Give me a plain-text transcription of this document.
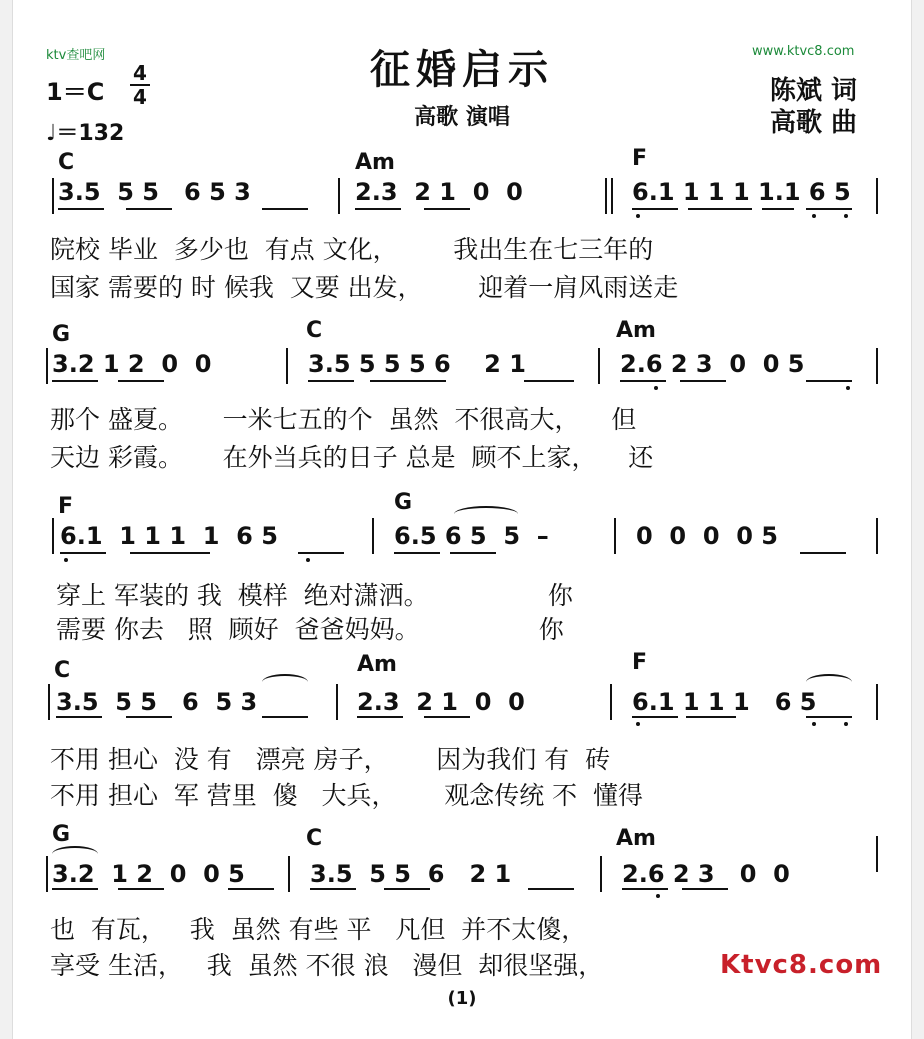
ktv查吧网	www.ktvc8.com
征婚启示
高歌 演唱
陈斌 词
高歌 曲
1＝C
4
4
♩＝132
C	Am	F
3.5  5 5   6 5 3	2.3  2 1  0  0	6.1 1 1 1 1.1 6 5
院校 毕业  多少也  有点 文化，       我出生在七三年的
国家 需要的 时 候我  又要 出发，       迎着一肩风雨送走
G	C	Am
3.2 1 2  0  0	3.5 5 5 5 6    2 1	2.6 2 3  0  0 5
那个 盛夏。     一米七五的个  虽然  不很高大，    但
天边 彩霞。     在外当兵的日子 总是  顾不上家，    还
F	G
6.1  1 1 1  1  6 5	6.5 6 5  5  –	0  0  0  0 5
穿上 军装的 我  模样  绝对潇洒。               你
需要 你去   照  顾好  爸爸妈妈。               你
C	Am	F
3.5  5 5   6  5 3	2.3  2 1  0  0	6.1 1 1 1   6 5
不用 担心  没 有   漂亮 房子，      因为我们 有  砖
不用 担心  军 营里  傻   大兵，      观念传统 不  懂得
G	C	Am
3.2  1 2  0  0 5	3.5  5 5  6   2 1	2.6 2 3   0  0
也  有瓦，   我  虽然 有些 平   凡但  并不太傻，
享受 生活，   我  虽然 不很 浪   漫但  却很坚强，	Ktvc8.com
(1)
